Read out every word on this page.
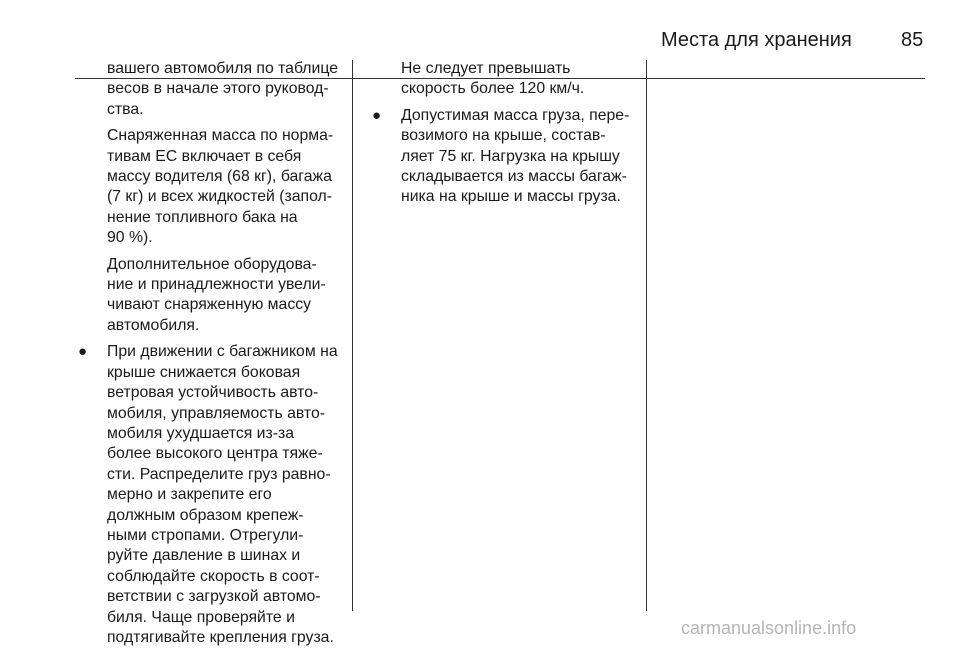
Места для хранения 85

вашего автомобиля по таблице
весов в начале этого руковод-
ства.

Снаряженная масса по норма-
тивам ЕС включает в себя
массу водителя (68 кг), багажа
(7 кг) и всех жидкостей (запол-
нение топливного бака на
90 %).

Дополнительное оборудова-
ние и принадлежности увели-
чивают снаряженную массу
автомобиля.

● При движении с багажником на
крыше снижается боковая
ветровая устойчивость авто-
мобиля, управляемость авто-
мобиля ухудшается из-за
более высокого центра тяже-
сти. Распределите груз равно-
мерно и закрепите его
должным образом крепеж-
ными стропами. Отрегули-
руйте давление в шинах и
соблюдайте скорость в соот-
ветствии с загрузкой автомо-
биля. Чаще проверяйте и
подтягивайте крепления груза.

Не следует превышать
скорость более 120 км/ч.

● Допустимая масса груза, пере-
возимого на крыше, состав-
ляет 75 кг. Нагрузка на крышу
складывается из массы багаж-
ника на крыше и массы груза.
carmanualsonline.info
